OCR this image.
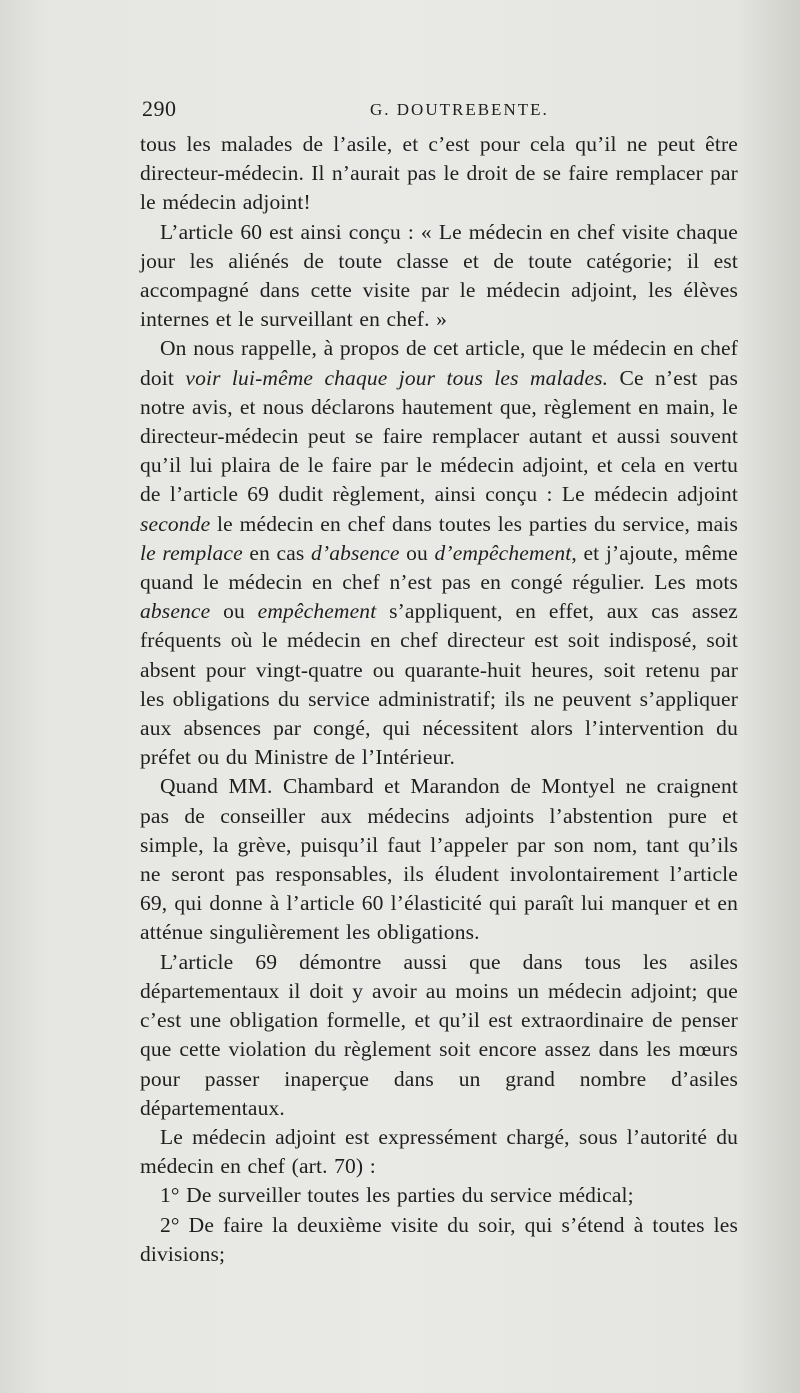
290	G. DOUTREBENTE.

tous les malades de l’asile, et c’est pour cela qu’il ne peut être directeur-médecin. Il n’aurait pas le droit de se faire remplacer par le médecin adjoint!

L’article 60 est ainsi conçu : « Le médecin en chef visite chaque jour les aliénés de toute classe et de toute catégorie; il est accompagné dans cette visite par le médecin adjoint, les élèves internes et le surveillant en chef. »

On nous rappelle, à propos de cet article, que le médecin en chef doit voir lui-même chaque jour tous les malades. Ce n’est pas notre avis, et nous déclarons hautement que, règlement en main, le directeur-médecin peut se faire remplacer autant et aussi souvent qu’il lui plaira de le faire par le médecin adjoint, et cela en vertu de l’article 69 dudit règlement, ainsi conçu : Le médecin adjoint seconde le médecin en chef dans toutes les parties du service, mais le remplace en cas d’absence ou d’empêchement, et j’ajoute, même quand le médecin en chef n’est pas en congé régulier. Les mots absence ou empêchement s’appliquent, en effet, aux cas assez fréquents où le médecin en chef directeur est soit indisposé, soit absent pour vingt-quatre ou quarante-huit heures, soit retenu par les obligations du service administratif; ils ne peuvent s’appliquer aux absences par congé, qui nécessitent alors l’intervention du préfet ou du Ministre de l’Intérieur.

Quand MM. Chambard et Marandon de Montyel ne craignent pas de conseiller aux médecins adjoints l’abstention pure et simple, la grève, puisqu’il faut l’appeler par son nom, tant qu’ils ne seront pas responsables, ils éludent involontairement l’article 69, qui donne à l’article 60 l’élasticité qui paraît lui manquer et en atténue singulièrement les obligations.

L’article 69 démontre aussi que dans tous les asiles départementaux il doit y avoir au moins un médecin adjoint; que c’est une obligation formelle, et qu’il est extraordinaire de penser que cette violation du règlement soit encore assez dans les mœurs pour passer inaperçue dans un grand nombre d’asiles départementaux.

Le médecin adjoint est expressément chargé, sous l’autorité du médecin en chef (art. 70) :

1° De surveiller toutes les parties du service médical;

2° De faire la deuxième visite du soir, qui s’étend à toutes les divisions;
